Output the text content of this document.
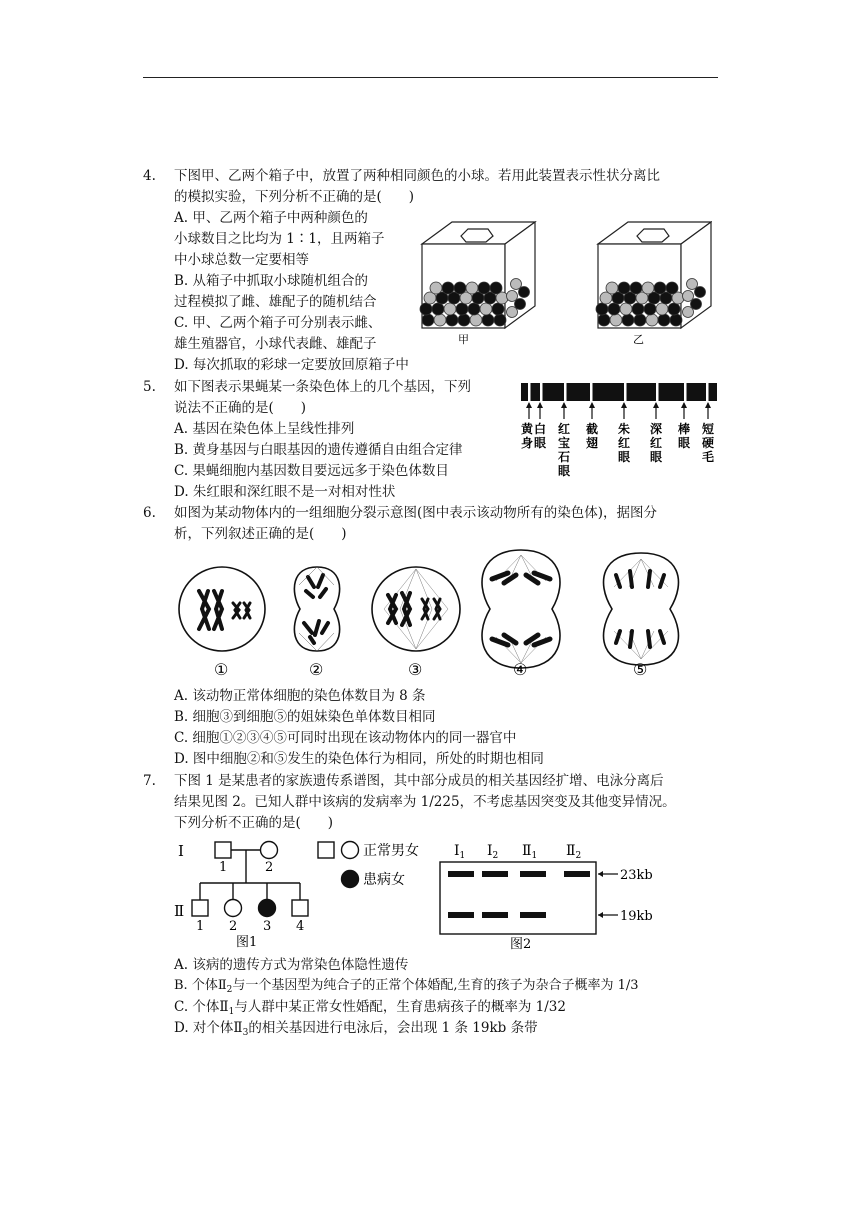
4. 下图甲、乙两个箱子中，放置了两种相同颜色的小球。若用此装置表示性状分离比
的模拟实验，下列分析不正确的是(　　)
A. 甲、乙两个箱子中两种颜色的
小球数目之比均为 1∶1，且两箱子
中小球总数一定要相等
B. 从箱子中抓取小球随机组合的
过程模拟了雌、雄配子的随机结合
C. 甲、乙两个箱子可分别表示雌、
雄生殖器官，小球代表雌、雄配子
D. 每次抓取的彩球一定要放回原箱子中
甲	乙
5. 如下图表示果蝇某一条染色体上的几个基因，下列
说法不正确的是(　　)
A. 基因在染色体上呈线性排列
B. 黄身基因与白眼基因的遗传遵循自由组合定律
C. 果蝇细胞内基因数目要远远多于染色体数目
D. 朱红眼和深红眼不是一对相对性状
黄
身
白
眼
红
宝
石
眼
截
翅
朱
红
眼
深
红
眼
棒
眼
短
硬
毛
6. 如图为某动物体内的一组细胞分裂示意图(图中表示该动物所有的染色体)，据图分
析，下列叙述正确的是(　　)
①	②	③	④	⑤
A. 该动物正常体细胞的染色体数目为 8 条
B. 细胞③到细胞⑤的姐妹染色单体数目相同
C. 细胞①②③④⑤可同时出现在该动物体内的同一器官中
D. 图中细胞②和⑤发生的染色体行为相同，所处的时期也相同
7. 下图 1 是某患者的家族遗传系谱图，其中部分成员的相关基因经扩增、电泳分离后
结果见图 2。已知人群中该病的发病率为 1/225，不考虑基因突变及其他变异情况。
下列分析不正确的是(　　)
Ⅰ
Ⅱ
1	2
1 2 3 4
图1
正常男女
患病女
$Ⅰ_1$ $Ⅰ_2$ $Ⅱ_1$ $Ⅱ_2$
23kb
19kb
图2
A. 该病的遗传方式为常染色体隐性遗传
B. 个体$Ⅱ_2$与一个基因型为纯合子的正常个体婚配,生育的孩子为杂合子概率为 1/3
C. 个体$Ⅱ_1$与人群中某正常女性婚配，生育患病孩子的概率为 1/32
D. 对个体$Ⅱ_3$的相关基因进行电泳后，会出现 1 条 19kb 条带
